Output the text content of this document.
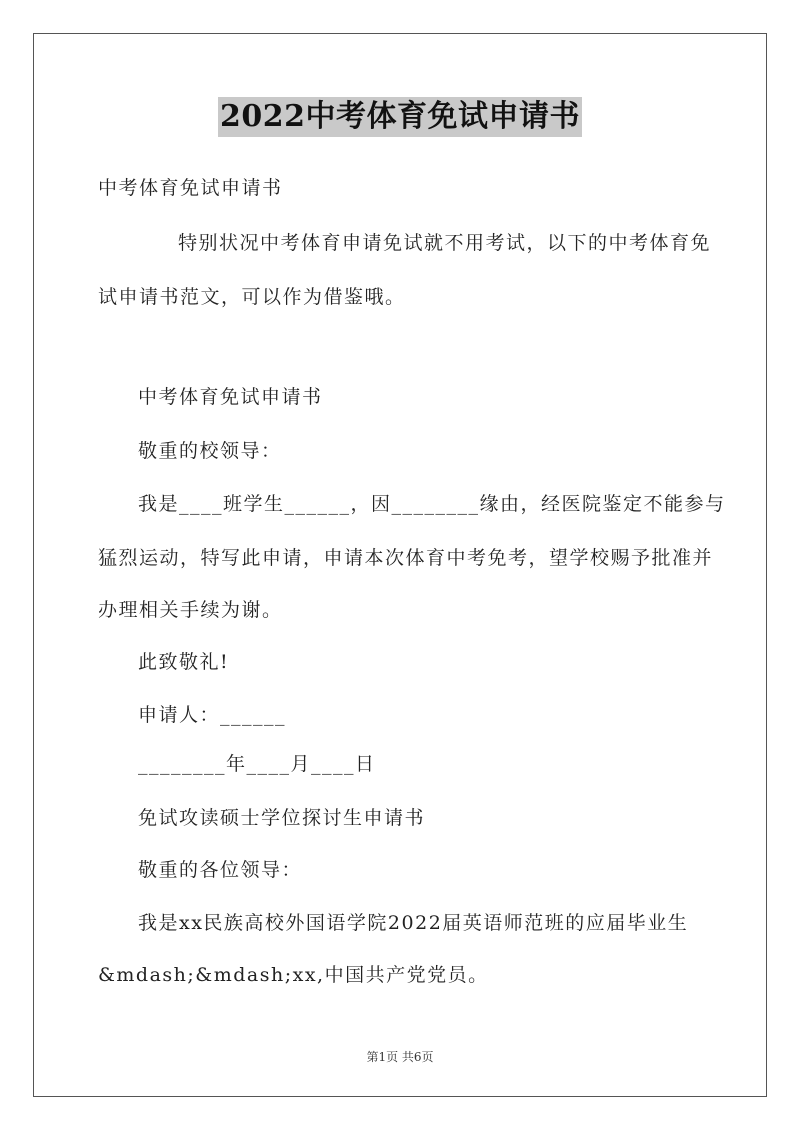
2022中考体育免试申请书
中考体育免试申请书
特别状况中考体育申请免试就不用考试，以下的中考体育免
试申请书范文，可以作为借鉴哦。
中考体育免试申请书
敬重的校领导：
我是____班学生______，因________缘由，经医院鉴定不能参与
猛烈运动，特写此申请，申请本次体育中考免考，望学校赐予批准并
办理相关手续为谢。
此致敬礼!
申请人：______
________年____月____日
免试攻读硕士学位探讨生申请书
敬重的各位领导：
我是xx民族高校外国语学院2022届英语师范班的应届毕业生
&mdash;&mdash;xx,中国共产党党员。
第1页 共6页
